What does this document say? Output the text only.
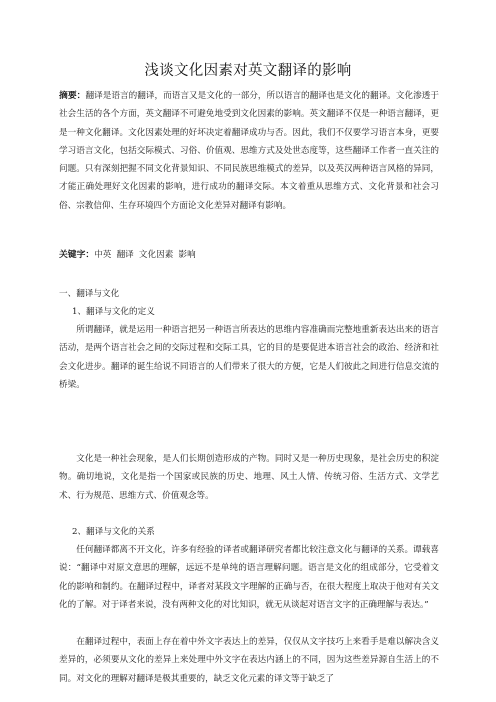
浅谈文化因素对英文翻译的影响
摘要：翻译是语言的翻译，而语言又是文化的一部分，所以语言的翻译也是文化的翻译。文化渗透于社会生活的各个方面，英文翻译不可避免地受到文化因素的影响。英文翻译不仅是一种语言翻译，更是一种文化翻译。文化因素处理的好坏决定着翻译成功与否。因此，我们不仅要学习语言本身，更要学习语言文化，包括交际模式、习俗、价值观、思维方式及处世态度等，这些翻译工作者一直关注的问题。只有深刻把握不同文化背景知识、不同民族思维模式的差异，以及英汉两种语言风格的异同，才能正确处理好文化因素的影响，进行成功的翻译交际。本文着重从思维方式、文化背景和社会习俗、宗教信仰、生存环境四个方面论文化差异对翻译有影响。
关键字：中英 翻译 文化因素 影响
一、翻译与文化
1、翻译与文化的定义
所谓翻译，就是运用一种语言把另一种语言所表达的思维内容准确而完整地重新表达出来的语言活动，是两个语言社会之间的交际过程和交际工具，它的目的是要促进本语言社会的政治、经济和社会文化进步。翻译的诞生给说不同语言的人们带来了很大的方便，它是人们彼此之间进行信息交流的桥梁。
文化是一种社会现象，是人们长期创造形成的产物。同时又是一种历史现象，是社会历史的积淀物。确切地说，文化是指一个国家或民族的历史、地理、风土人情、传统习俗、生活方式、文学艺术、行为规范、思维方式、价值观念等。
2、翻译与文化的关系
任何翻译都离不开文化，许多有经验的译者或翻译研究者都比较注意文化与翻译的关系。谭载喜说：“翻译中对原文意思的理解，远远不是单纯的语言理解问题。语言是文化的组成部分，它受着文化的影响和制约。在翻译过程中，译者对某段文字理解的正确与否，在很大程度上取决于他对有关文化的了解。对于译者来说，没有两种文化的对比知识，就无从谈起对语言文字的正确理解与表达。”
在翻译过程中，表面上存在着中外文字表达上的差异，仅仅从文字技巧上来看手是难以解决含义差异的，必须要从文化的差异上来处理中外文字在表达内涵上的不同，因为这些差异源自生活上的不同。对文化的理解对翻译是极其重要的，缺乏文化元素的译文等于缺乏了
